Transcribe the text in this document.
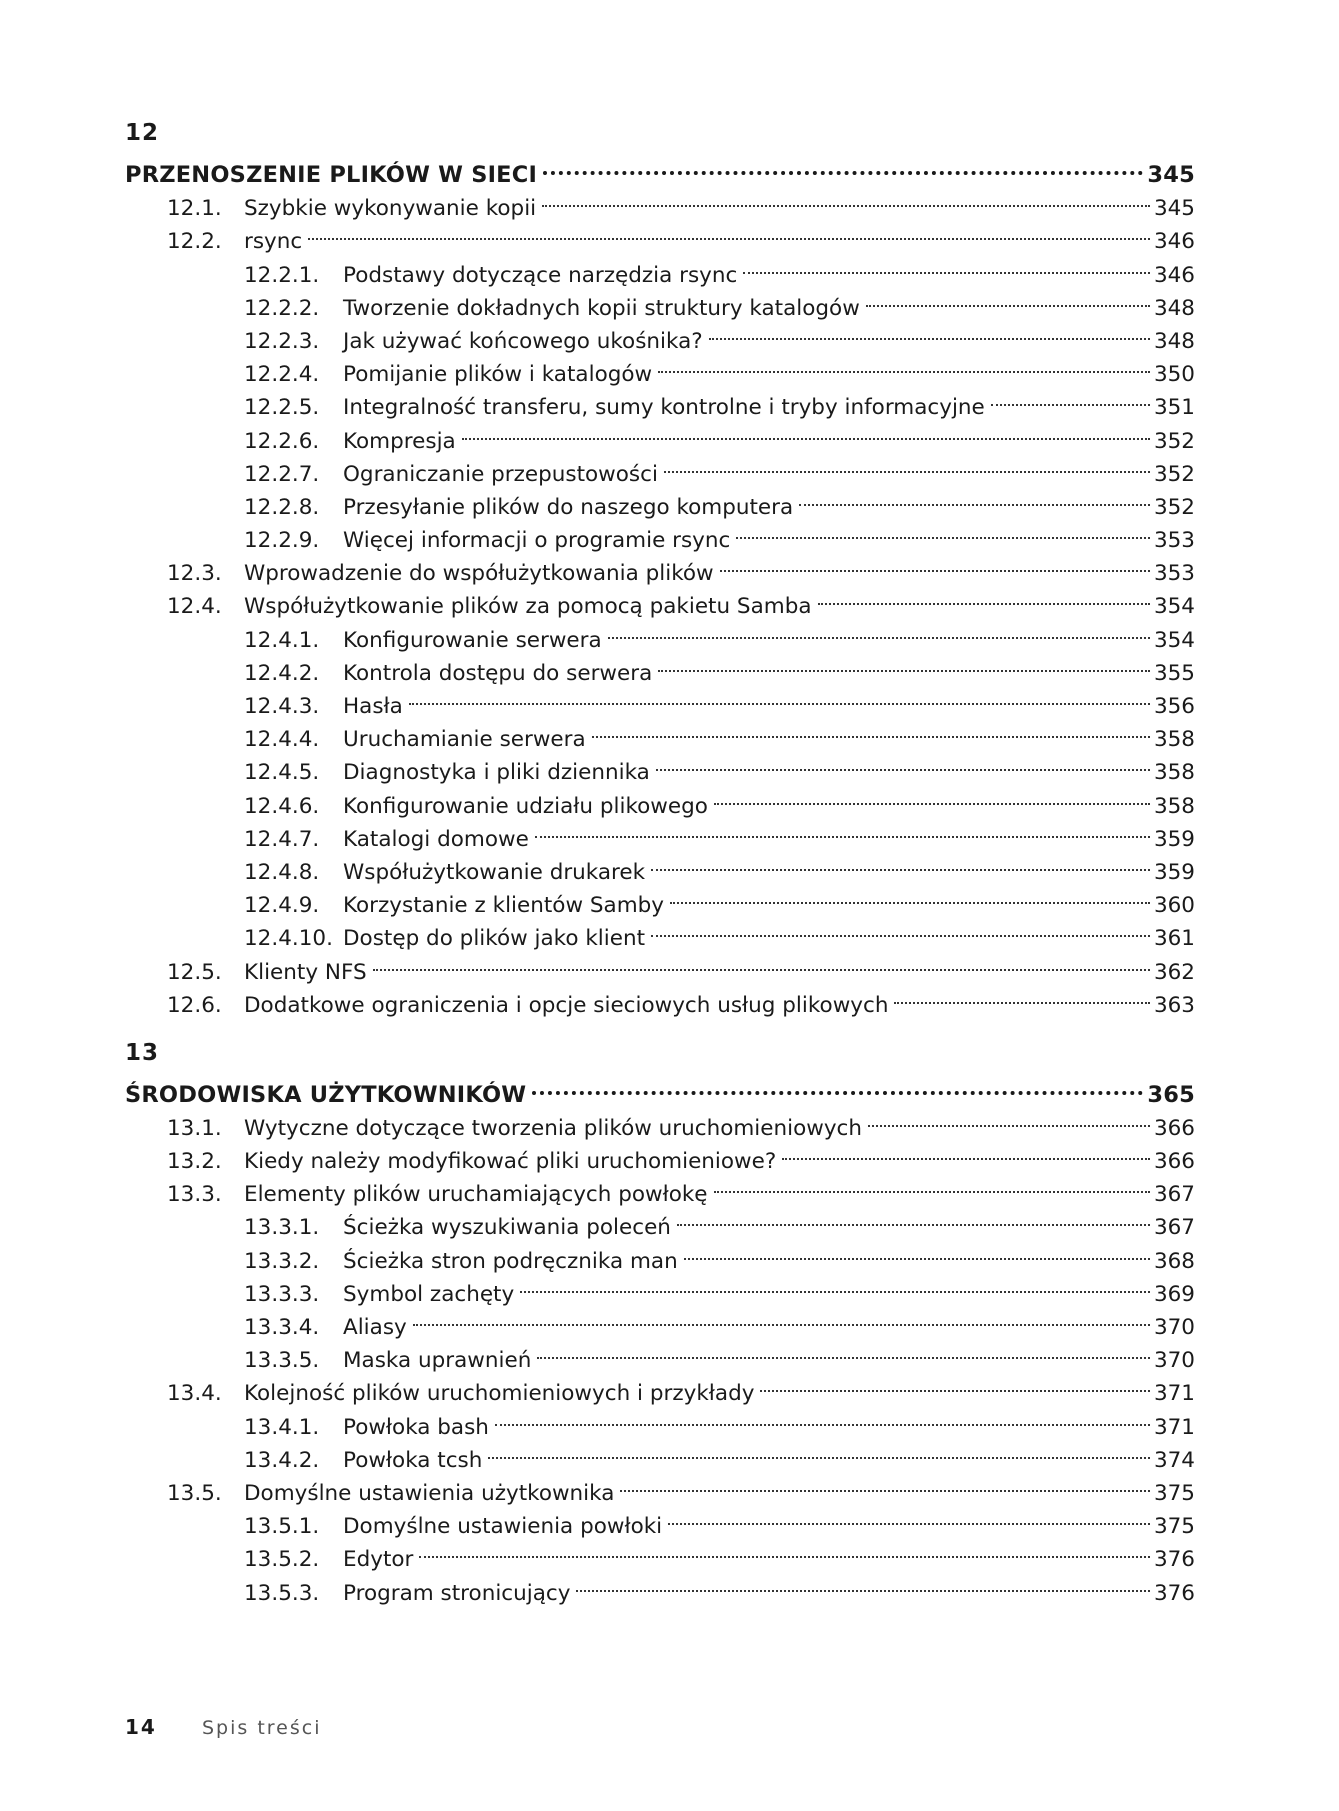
12
PRZENOSZENIE PLIKÓW W SIECI	345
12.1.	Szybkie wykonywanie kopii	345
12.2.	rsync	346
12.2.1.	Podstawy dotyczące narzędzia rsync	346
12.2.2.	Tworzenie dokładnych kopii struktury katalogów	348
12.2.3.	Jak używać końcowego ukośnika?	348
12.2.4.	Pomijanie plików i katalogów	350
12.2.5.	Integralność transferu, sumy kontrolne i tryby informacyjne	351
12.2.6.	Kompresja	352
12.2.7.	Ograniczanie przepustowości	352
12.2.8.	Przesyłanie plików do naszego komputera	352
12.2.9.	Więcej informacji o programie rsync	353
12.3.	Wprowadzenie do współużytkowania plików	353
12.4.	Współużytkowanie plików za pomocą pakietu Samba	354
12.4.1.	Konfigurowanie serwera	354
12.4.2.	Kontrola dostępu do serwera	355
12.4.3.	Hasła	356
12.4.4.	Uruchamianie serwera	358
12.4.5.	Diagnostyka i pliki dziennika	358
12.4.6.	Konfigurowanie udziału plikowego	358
12.4.7.	Katalogi domowe	359
12.4.8.	Współużytkowanie drukarek	359
12.4.9.	Korzystanie z klientów Samby	360
12.4.10. Dostęp do plików jako klient	361
12.5.	Klienty NFS	362
12.6.	Dodatkowe ograniczenia i opcje sieciowych usług plikowych	363
13
ŚRODOWISKA UŻYTKOWNIKÓW	365
13.1.	Wytyczne dotyczące tworzenia plików uruchomieniowych	366
13.2.	Kiedy należy modyfikować pliki uruchomieniowe?	366
13.3.	Elementy plików uruchamiających powłokę	367
13.3.1.	Ścieżka wyszukiwania poleceń	367
13.3.2.	Ścieżka stron podręcznika man	368
13.3.3.	Symbol zachęty	369
13.3.4.	Aliasy	370
13.3.5.	Maska uprawnień	370
13.4.	Kolejność plików uruchomieniowych i przykłady	371
13.4.1.	Powłoka bash	371
13.4.2.	Powłoka tcsh	374
13.5.	Domyślne ustawienia użytkownika	375
13.5.1.	Domyślne ustawienia powłoki	375
13.5.2.	Edytor	376
13.5.3.	Program stronicujący	376
14	Spis treści
